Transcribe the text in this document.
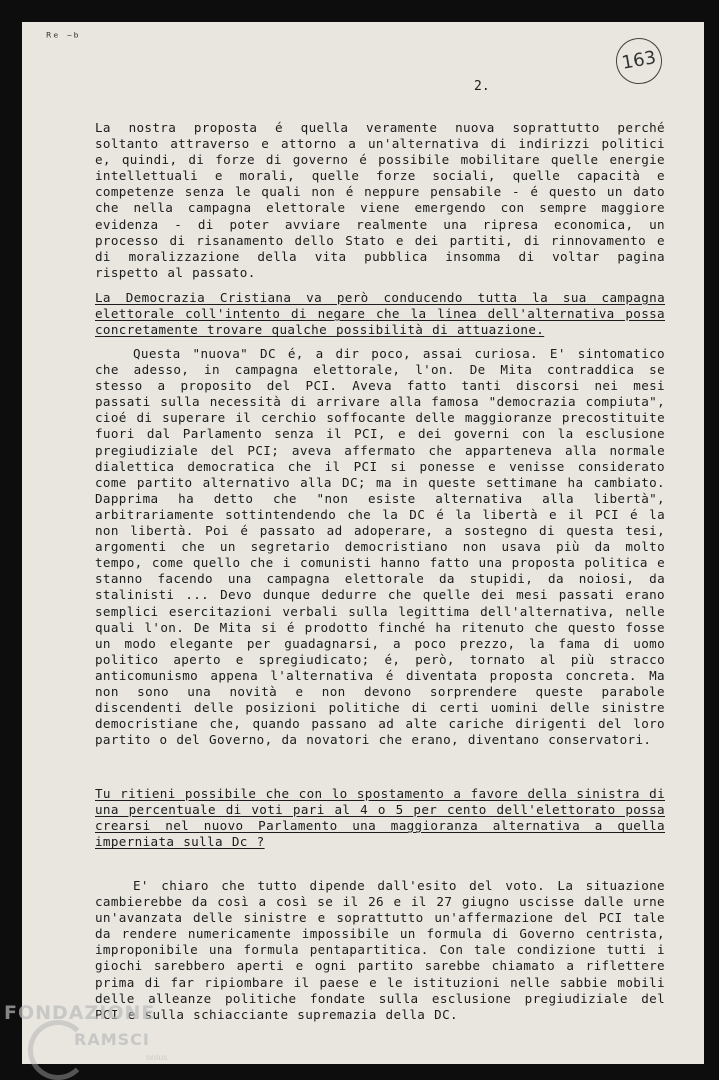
ᴿᵉ ⁻ᵇ
163
2.

La nostra proposta é quella veramente nuova soprattutto perché soltanto attraverso e attorno a un'alternativa di indirizzi politici e, quindi, di forze di governo é possibile mobilitare quelle energie intellettuali e morali, quelle forze sociali, quelle capacità e competenze senza le quali non é neppure pensabile - é questo un dato che nella campagna elettorale viene emergendo con sempre maggiore evidenza - di poter avviare realmente una ripresa economica, un processo di risanamento dello Stato e dei partiti, di rinnovamento e di moralizzazione della vita pubblica insomma di voltar pagina rispetto al passato.

La Democrazia Cristiana va però conducendo tutta la sua campagna elettorale coll'intento di negare che la linea dell'alternativa possa concretamente trovare qualche possibilità di attuazione.

Questa "nuova" DC é, a dir poco, assai curiosa. E' sintomatico che adesso, in campagna elettorale, l'on. De Mita contraddica se stesso a proposito del PCI. Aveva fatto tanti discorsi nei mesi passati sulla necessità di arrivare alla famosa "democrazia compiuta", cioé di superare il cerchio soffocante delle maggioranze precostituite fuori dal Parlamento senza il PCI, e dei governi con la esclusione pregiudiziale del PCI; aveva affermato che apparteneva alla normale dialettica democratica che il PCI si ponesse e venisse considerato come partito alternativo alla DC; ma in queste settimane ha cambiato. Dapprima ha detto che "non esiste alternativa alla libertà", arbitrariamente sottintendendo che la DC é la libertà e il PCI é la non libertà. Poi é passato ad adoperare, a sostegno di questa tesi, argomenti che un segretario democristiano non usava più da molto tempo, come quello che i comunisti hanno fatto una proposta politica e stanno facendo una campagna elettorale da stupidi, da noiosi, da stalinisti ... Devo dunque dedurre che quelle dei mesi passati erano semplici esercitazioni verbali sulla legittima dell'alternativa, nelle quali l'on. De Mita si é prodotto finché ha ritenuto che questo fosse un modo elegante per guadagnarsi, a poco prezzo, la fama di uomo politico aperto e spregiudicato; é, però, tornato al più stracco anticomunismo appena l'alternativa é diventata proposta concreta. Ma non sono una novità e non devono sorprendere queste parabole discendenti delle posizioni politiche di certi uomini delle sinistre democristiane che, quando passano ad alte cariche dirigenti del loro partito o del Governo, da novatori che erano, diventano conservatori.

Tu ritieni possibile che con lo spostamento a favore della sinistra di una percentuale di voti pari al 4 o 5 per cento dell'elettorato possa crearsi nel nuovo Parlamento una maggioranza alternativa a quella imperniata sulla Dc ?

E' chiaro che tutto dipende dall'esito del voto. La situazione cambierebbe da così a così se il 26 e il 27 giugno uscisse dalle urne un'avanzata delle sinistre e soprattutto un'affermazione del PCI tale da rendere numericamente impossibile un formula di Governo centrista, improponibile una formula pentapartitica. Con tale condizione tutti i giochi sarebbero aperti e ogni partito sarebbe chiamato a riflettere prima di far ripiombare il paese e le istituzioni nelle sabbie mobili delle alleanze politiche fondate sulla esclusione pregiudiziale del PCI e sulla schiacciante supremazia della DC.

FONDAZIONE
RAMSCI
onlus
